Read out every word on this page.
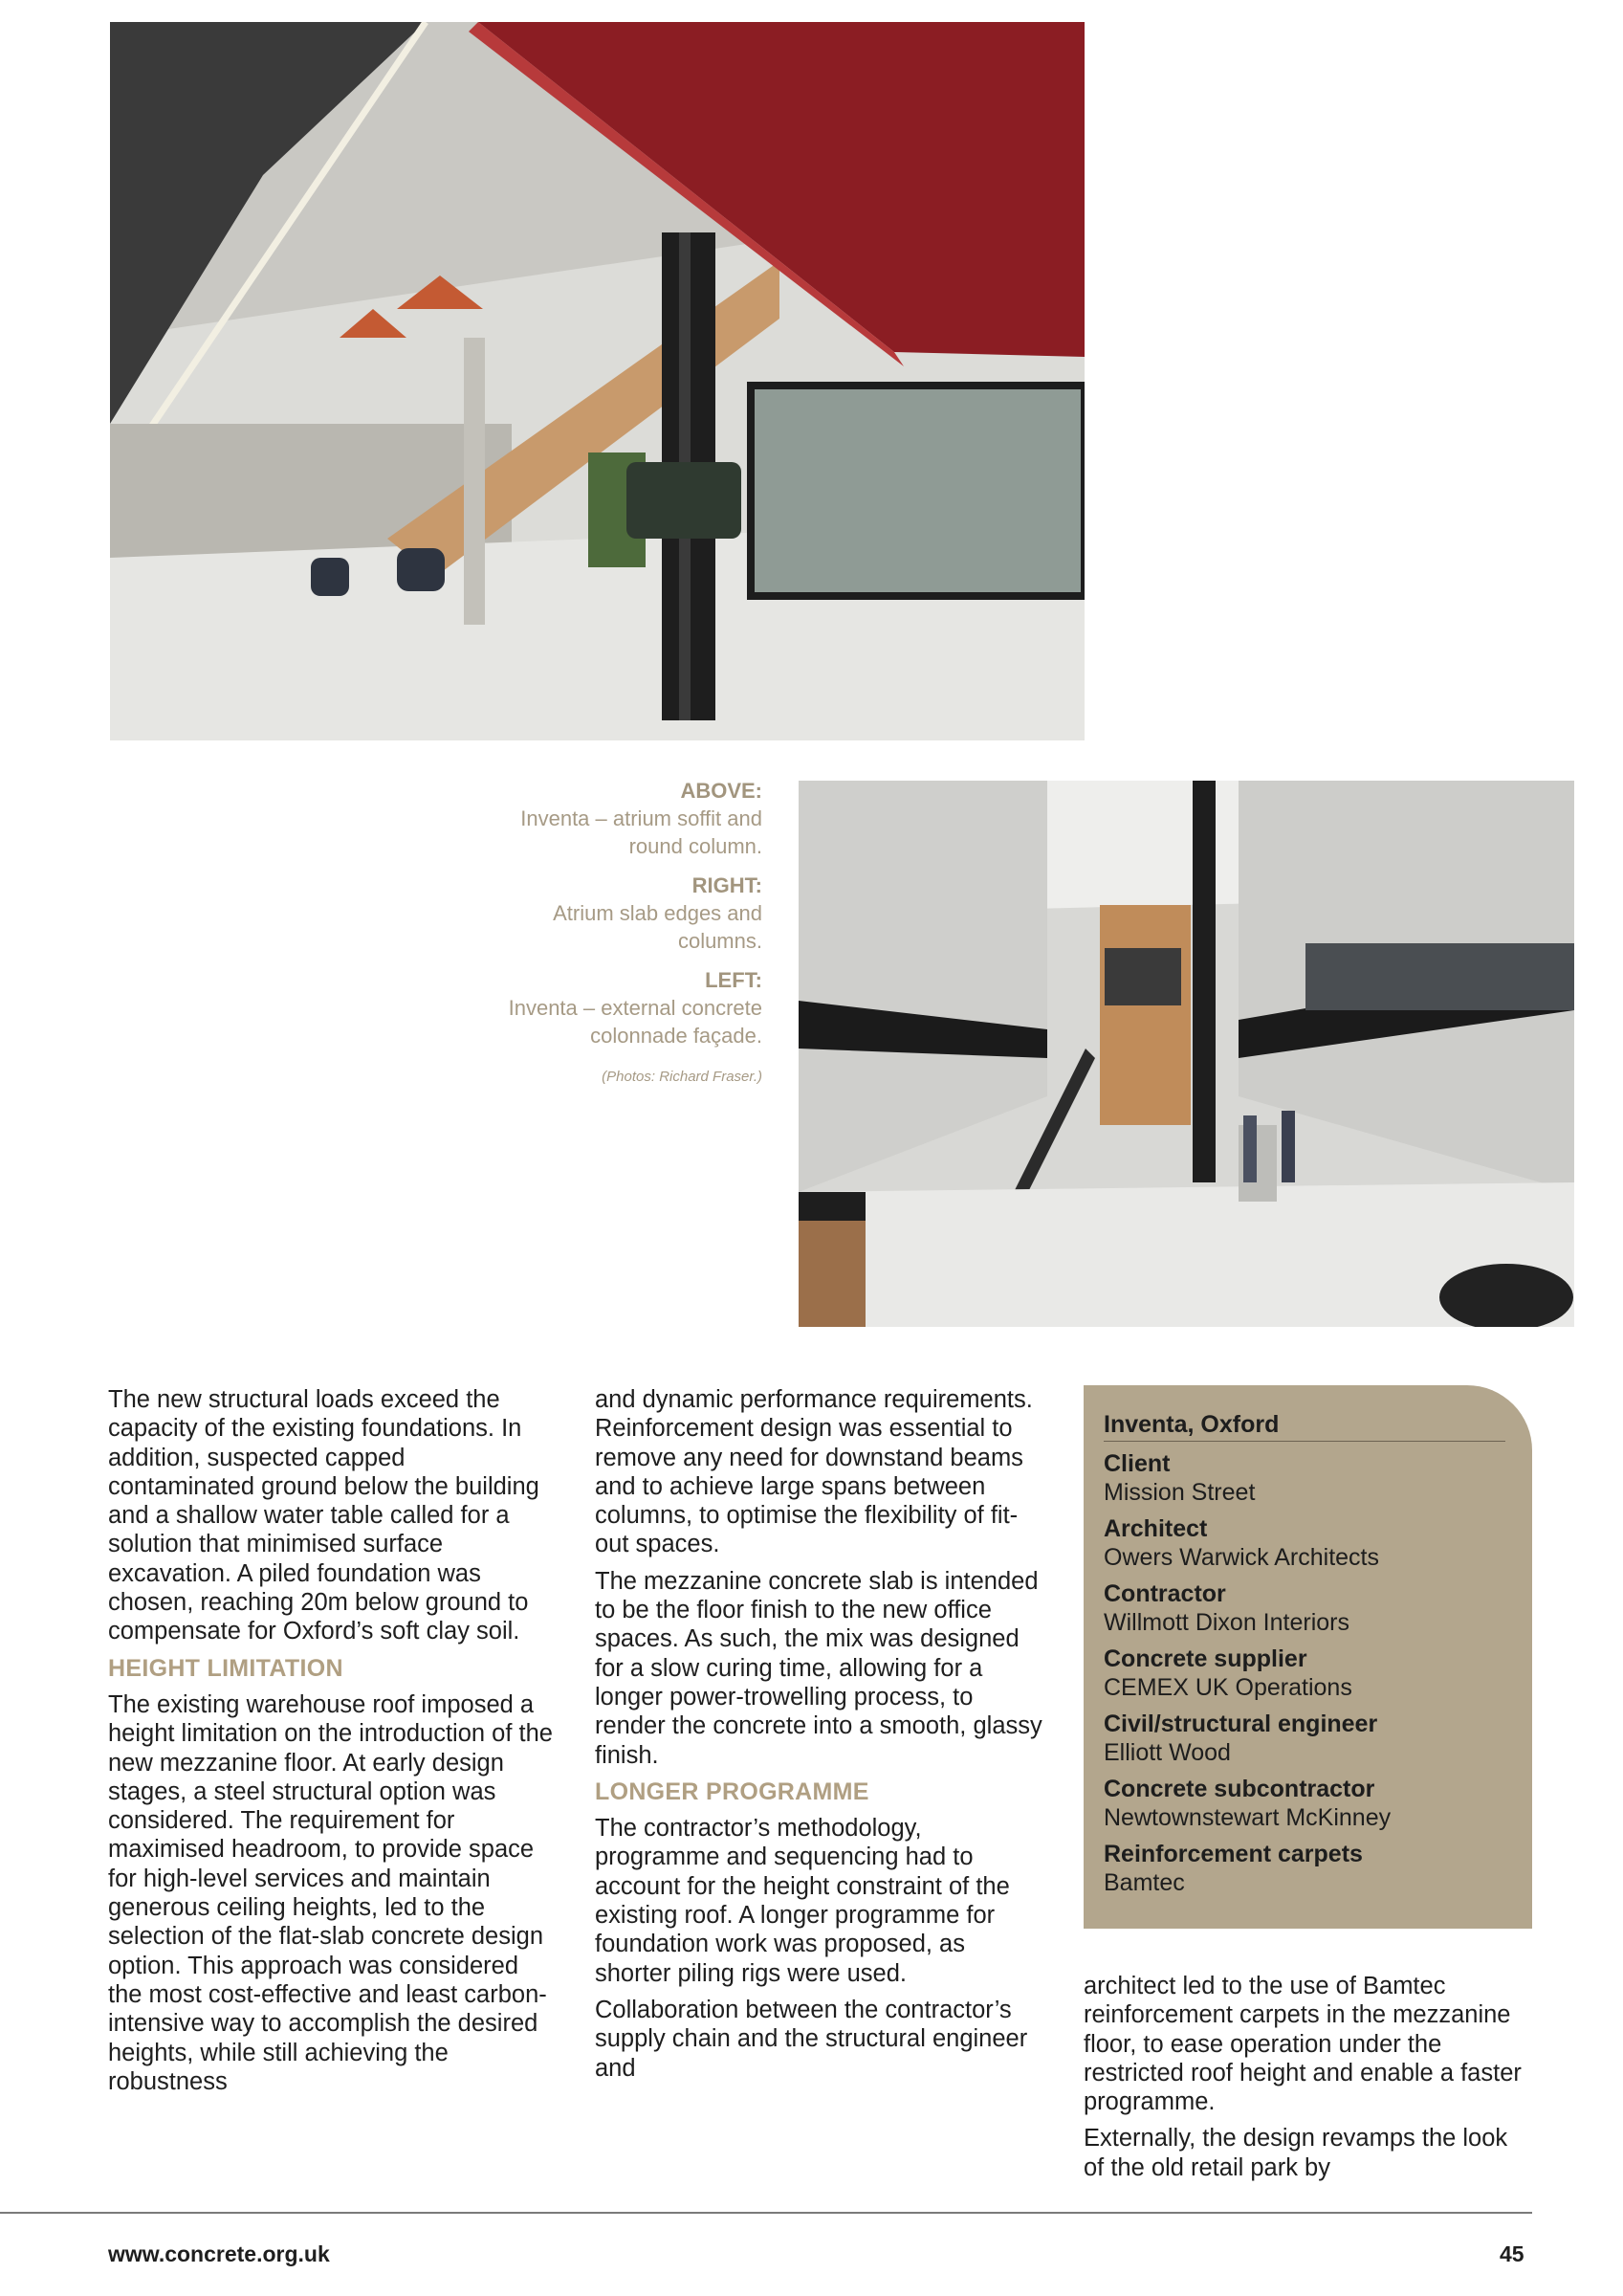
ABOVE:
Inventa – atrium soffit and round column.
RIGHT:
Atrium slab edges and columns.
LEFT:
Inventa – external concrete colonnade façade.
(Photos: Richard Fraser.)

The new structural loads exceed the capacity of the existing foundations. In addition, suspected capped contaminated ground below the building and a shallow water table called for a solution that minimised surface excavation. A piled foundation was chosen, reaching 20m below ground to compensate for Oxford’s soft clay soil.

HEIGHT LIMITATION

The existing warehouse roof imposed a height limitation on the introduction of the new mezzanine floor. At early design stages, a steel structural option was considered. The requirement for maximised headroom, to provide space for high-level services and maintain generous ceiling heights, led to the selection of the flat-slab concrete design option. This approach was considered the most cost-effective and least carbon-intensive way to accomplish the desired heights, while still achieving the robustness

and dynamic performance requirements. Reinforcement design was essential to remove any need for downstand beams and to achieve large spans between columns, to optimise the flexibility of fit-out spaces.

The mezzanine concrete slab is intended to be the floor finish to the new office spaces. As such, the mix was designed for a slow curing time, allowing for a longer power-trowelling process, to render the concrete into a smooth, glassy finish.

LONGER PROGRAMME

The contractor’s methodology, programme and sequencing had to account for the height constraint of the existing roof. A longer programme for foundation work was proposed, as shorter piling rigs were used.

Collaboration between the contractor’s supply chain and the structural engineer and

Inventa, Oxford
Client
Mission Street
Architect
Owers Warwick Architects
Contractor
Willmott Dixon Interiors
Concrete supplier
CEMEX UK Operations
Civil/structural engineer
Elliott Wood
Concrete subcontractor
Newtownstewart McKinney
Reinforcement carpets
Bamtec

architect led to the use of Bamtec reinforcement carpets in the mezzanine floor, to ease operation under the restricted roof height and enable a faster programme.

Externally, the design revamps the look of the old retail park by

www.concrete.org.uk	45
